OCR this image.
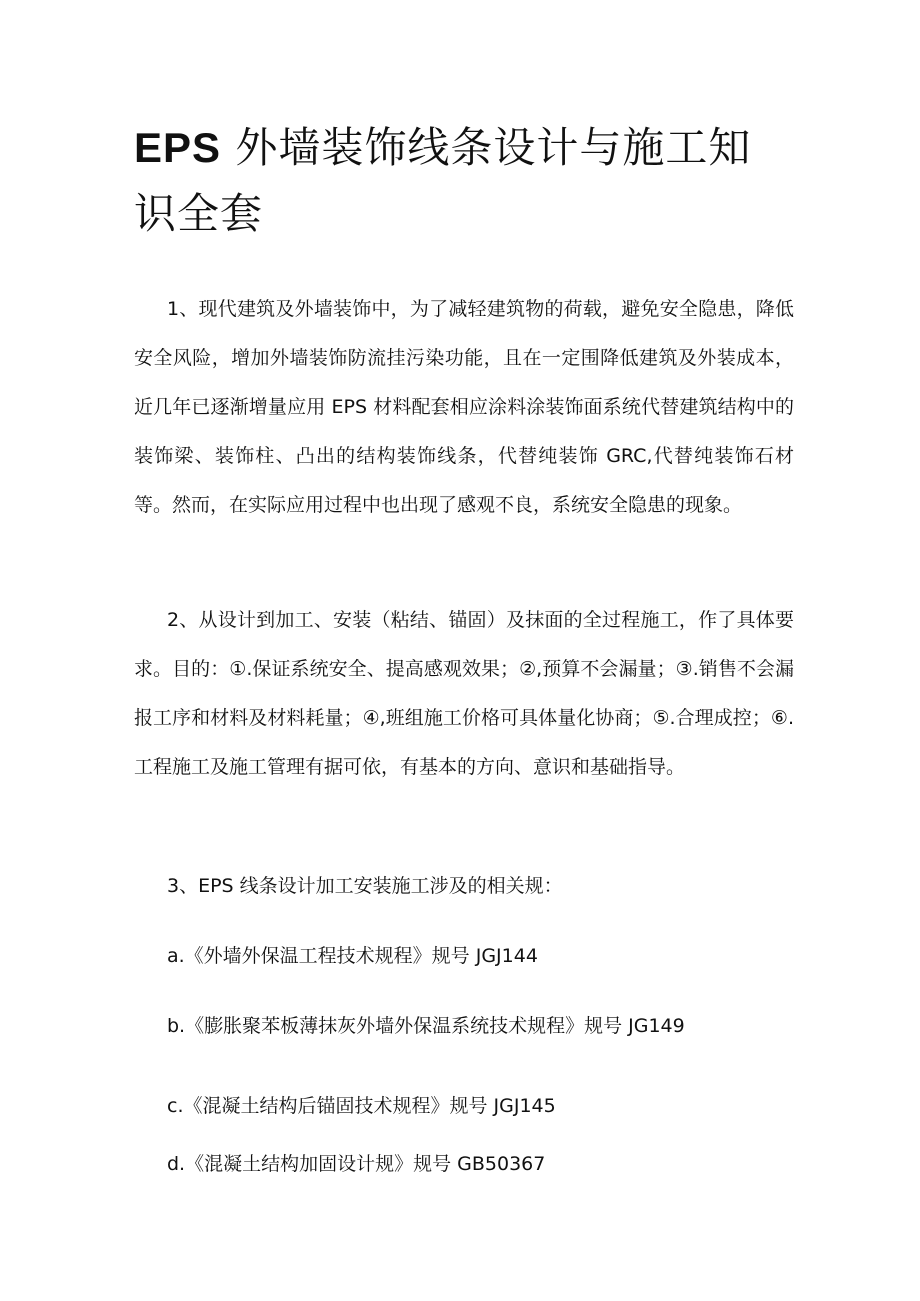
EPS 外墙装饰线条设计与施工知识全套

1、现代建筑及外墙装饰中，为了减轻建筑物的荷载，避免安全隐患，降低安全风险，增加外墙装饰防流挂污染功能，且在一定围降低建筑及外装成本，近几年已逐渐增量应用 EPS 材料配套相应涂料涂装饰面系统代替建筑结构中的装饰梁、装饰柱、凸出的结构装饰线条，代替纯装饰 GRC,代替纯装饰石材等。然而，在实际应用过程中也出现了感观不良，系统安全隐患的现象。

2、从设计到加工、安装（粘结、锚固）及抹面的全过程施工，作了具体要求。目的：①.保证系统安全、提高感观效果；②,预算不会漏量；③.销售不会漏报工序和材料及材料耗量；④,班组施工价格可具体量化协商；⑤.合理成控；⑥.工程施工及施工管理有据可依，有基本的方向、意识和基础指导。

3、EPS 线条设计加工安装施工涉及的相关规：

a.《外墙外保温工程技术规程》规号 JGJ144

b.《膨胀聚苯板薄抹灰外墙外保温系统技术规程》规号 JG149

c.《混凝土结构后锚固技术规程》规号 JGJ145

d.《混凝土结构加固设计规》规号 GB50367
